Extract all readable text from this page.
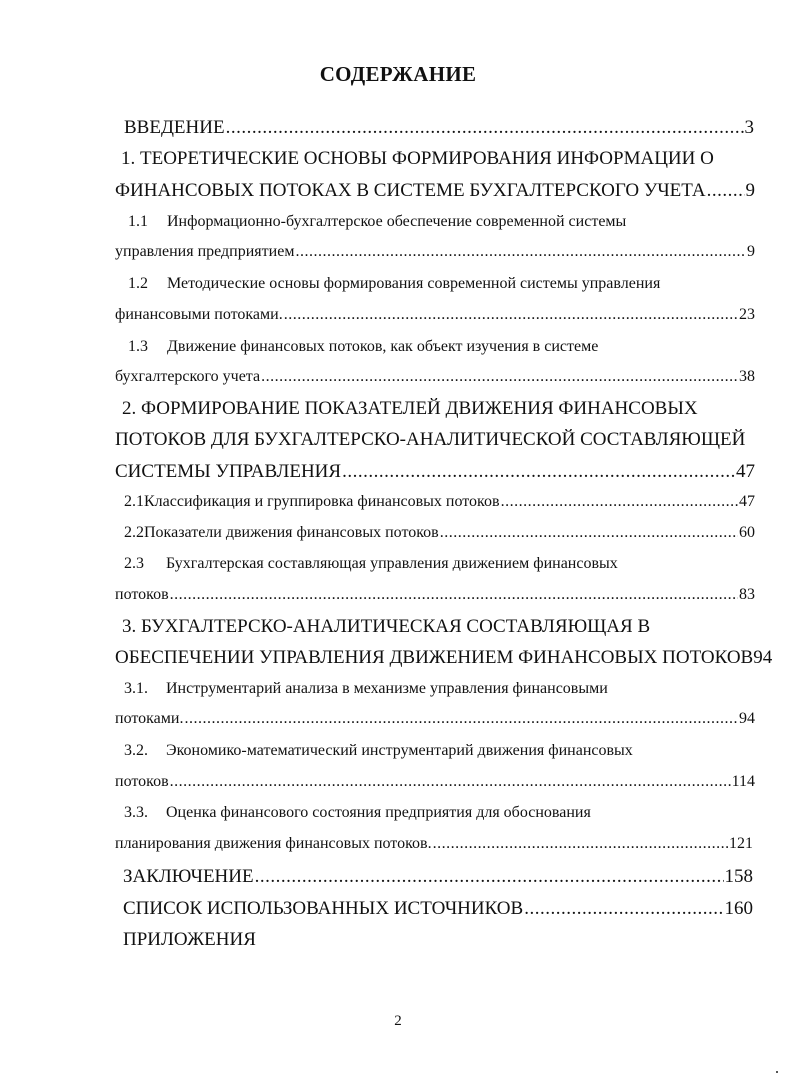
СОДЕРЖАНИЕ
ВВЕДЕНИЕ .....	3
1. ТЕОРЕТИЧЕСКИЕ ОСНОВЫ ФОРМИРОВАНИЯ ИНФОРМАЦИИ О
ФИНАНСОВЫХ ПОТОКАХ В СИСТЕМЕ БУХГАЛТЕРСКОГО УЧЕТА ..... 9
1.1	Информационно-бухгалтерское обеспечение современной системы
управления предприятием .....	9
1.2	Методические основы формирования современной системы управления
финансовыми потоками. .....	23
1.3	Движение финансовых потоков, как объект изучения в системе
бухгалтерского учета .....	38
2. ФОРМИРОВАНИЕ ПОКАЗАТЕЛЕЙ ДВИЖЕНИЯ ФИНАНСОВЫХ
ПОТОКОВ ДЛЯ БУХГАЛТЕРСКО-АНАЛИТИЧЕСКОЙ СОСТАВЛЯЮЩЕЙ
СИСТЕМЫ УПРАВЛЕНИЯ .....	47
2.1 Классификация и группировка финансовых потоков .....	47
2.2 Показатели движения финансовых потоков .....	60
2.3	Бухгалтерская составляющая управления движением финансовых
потоков .....	83
3. БУХГАЛТЕРСКО-АНАЛИТИЧЕСКАЯ СОСТАВЛЯЮЩАЯ В
ОБЕСПЕЧЕНИИ УПРАВЛЕНИЯ ДВИЖЕНИЕМ ФИНАНСОВЫХ ПОТОКОВ94
3.1.	Инструментарий анализа в механизме управления финансовыми
потоками. .....	94
3.2.	Экономико-математический инструментарий движения финансовых
потоков .....	114
3.3.	Оценка финансового состояния предприятия для обоснования
планирования движения финансовых потоков. .....	121
ЗАКЛЮЧЕНИЕ .....	158
СПИСОК ИСПОЛЬЗОВАННЫХ ИСТОЧНИКОВ .....	160
ПРИЛОЖЕНИЯ
2
